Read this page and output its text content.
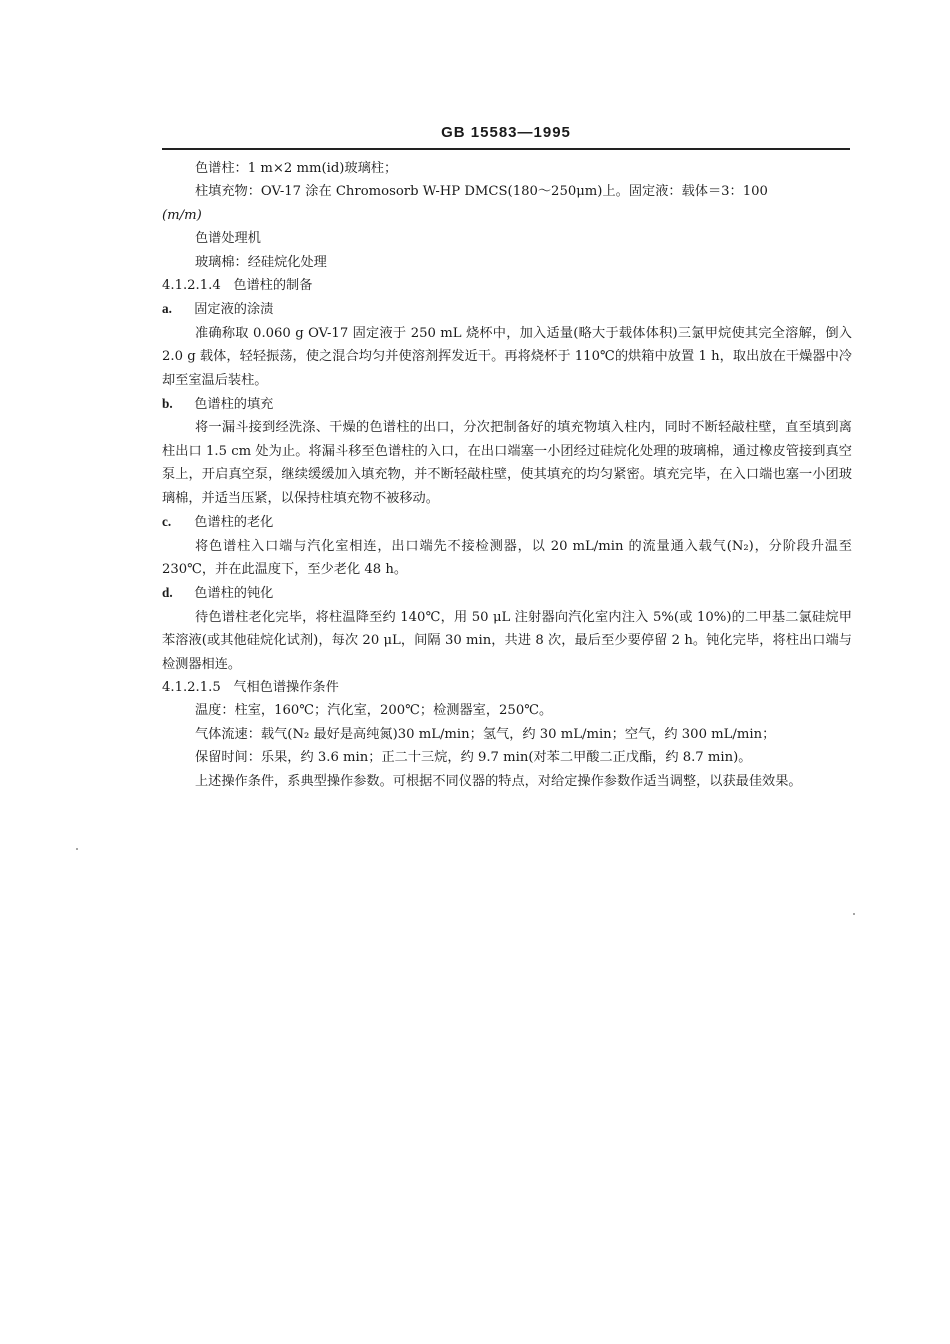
GB 15583—1995

色谱柱：1 m×2 mm(id)玻璃柱；

柱填充物：OV-17 涂在 Chromosorb W-HP DMCS(180～250μm)上。固定液：载体＝3：100

(m/m)

色谱处理机

玻璃棉：经硅烷化处理

4.1.2.1.4 色谱柱的制备

a. 固定液的涂渍

准确称取 0.060 g OV-17 固定液于 250 mL 烧杯中，加入适量(略大于载体体积)三氯甲烷使其完全溶解，倒入 2.0 g 载体，轻轻振荡，使之混合均匀并使溶剂挥发近干。再将烧杯于 110℃的烘箱中放置 1 h，取出放在干燥器中冷却至室温后装柱。

b. 色谱柱的填充

将一漏斗接到经洗涤、干燥的色谱柱的出口，分次把制备好的填充物填入柱内，同时不断轻敲柱壁，直至填到离柱出口 1.5 cm 处为止。将漏斗移至色谱柱的入口，在出口端塞一小团经过硅烷化处理的玻璃棉，通过橡皮管接到真空泵上，开启真空泵，继续缓缓加入填充物，并不断轻敲柱壁，使其填充的均匀紧密。填充完毕，在入口端也塞一小团玻璃棉，并适当压紧，以保持柱填充物不被移动。

c. 色谱柱的老化

将色谱柱入口端与汽化室相连，出口端先不接检测器，以 20 mL/min 的流量通入载气(N₂)，分阶段升温至 230℃，并在此温度下，至少老化 48 h。

d. 色谱柱的钝化

待色谱柱老化完毕，将柱温降至约 140℃，用 50 μL 注射器向汽化室内注入 5%(或 10%)的二甲基二氯硅烷甲苯溶液(或其他硅烷化试剂)，每次 20 μL，间隔 30 min，共进 8 次，最后至少要停留 2 h。钝化完毕，将柱出口端与检测器相连。

4.1.2.1.5 气相色谱操作条件

温度：柱室，160℃；汽化室，200℃；检测器室，250℃。

气体流速：载气(N₂ 最好是高纯氮)30 mL/min；氢气，约 30 mL/min；空气，约 300 mL/min；

保留时间：乐果，约 3.6 min；正二十三烷，约 9.7 min(对苯二甲酸二正戊酯，约 8.7 min)。

上述操作条件，系典型操作参数。可根据不同仪器的特点，对给定操作参数作适当调整，以获最佳效果。
